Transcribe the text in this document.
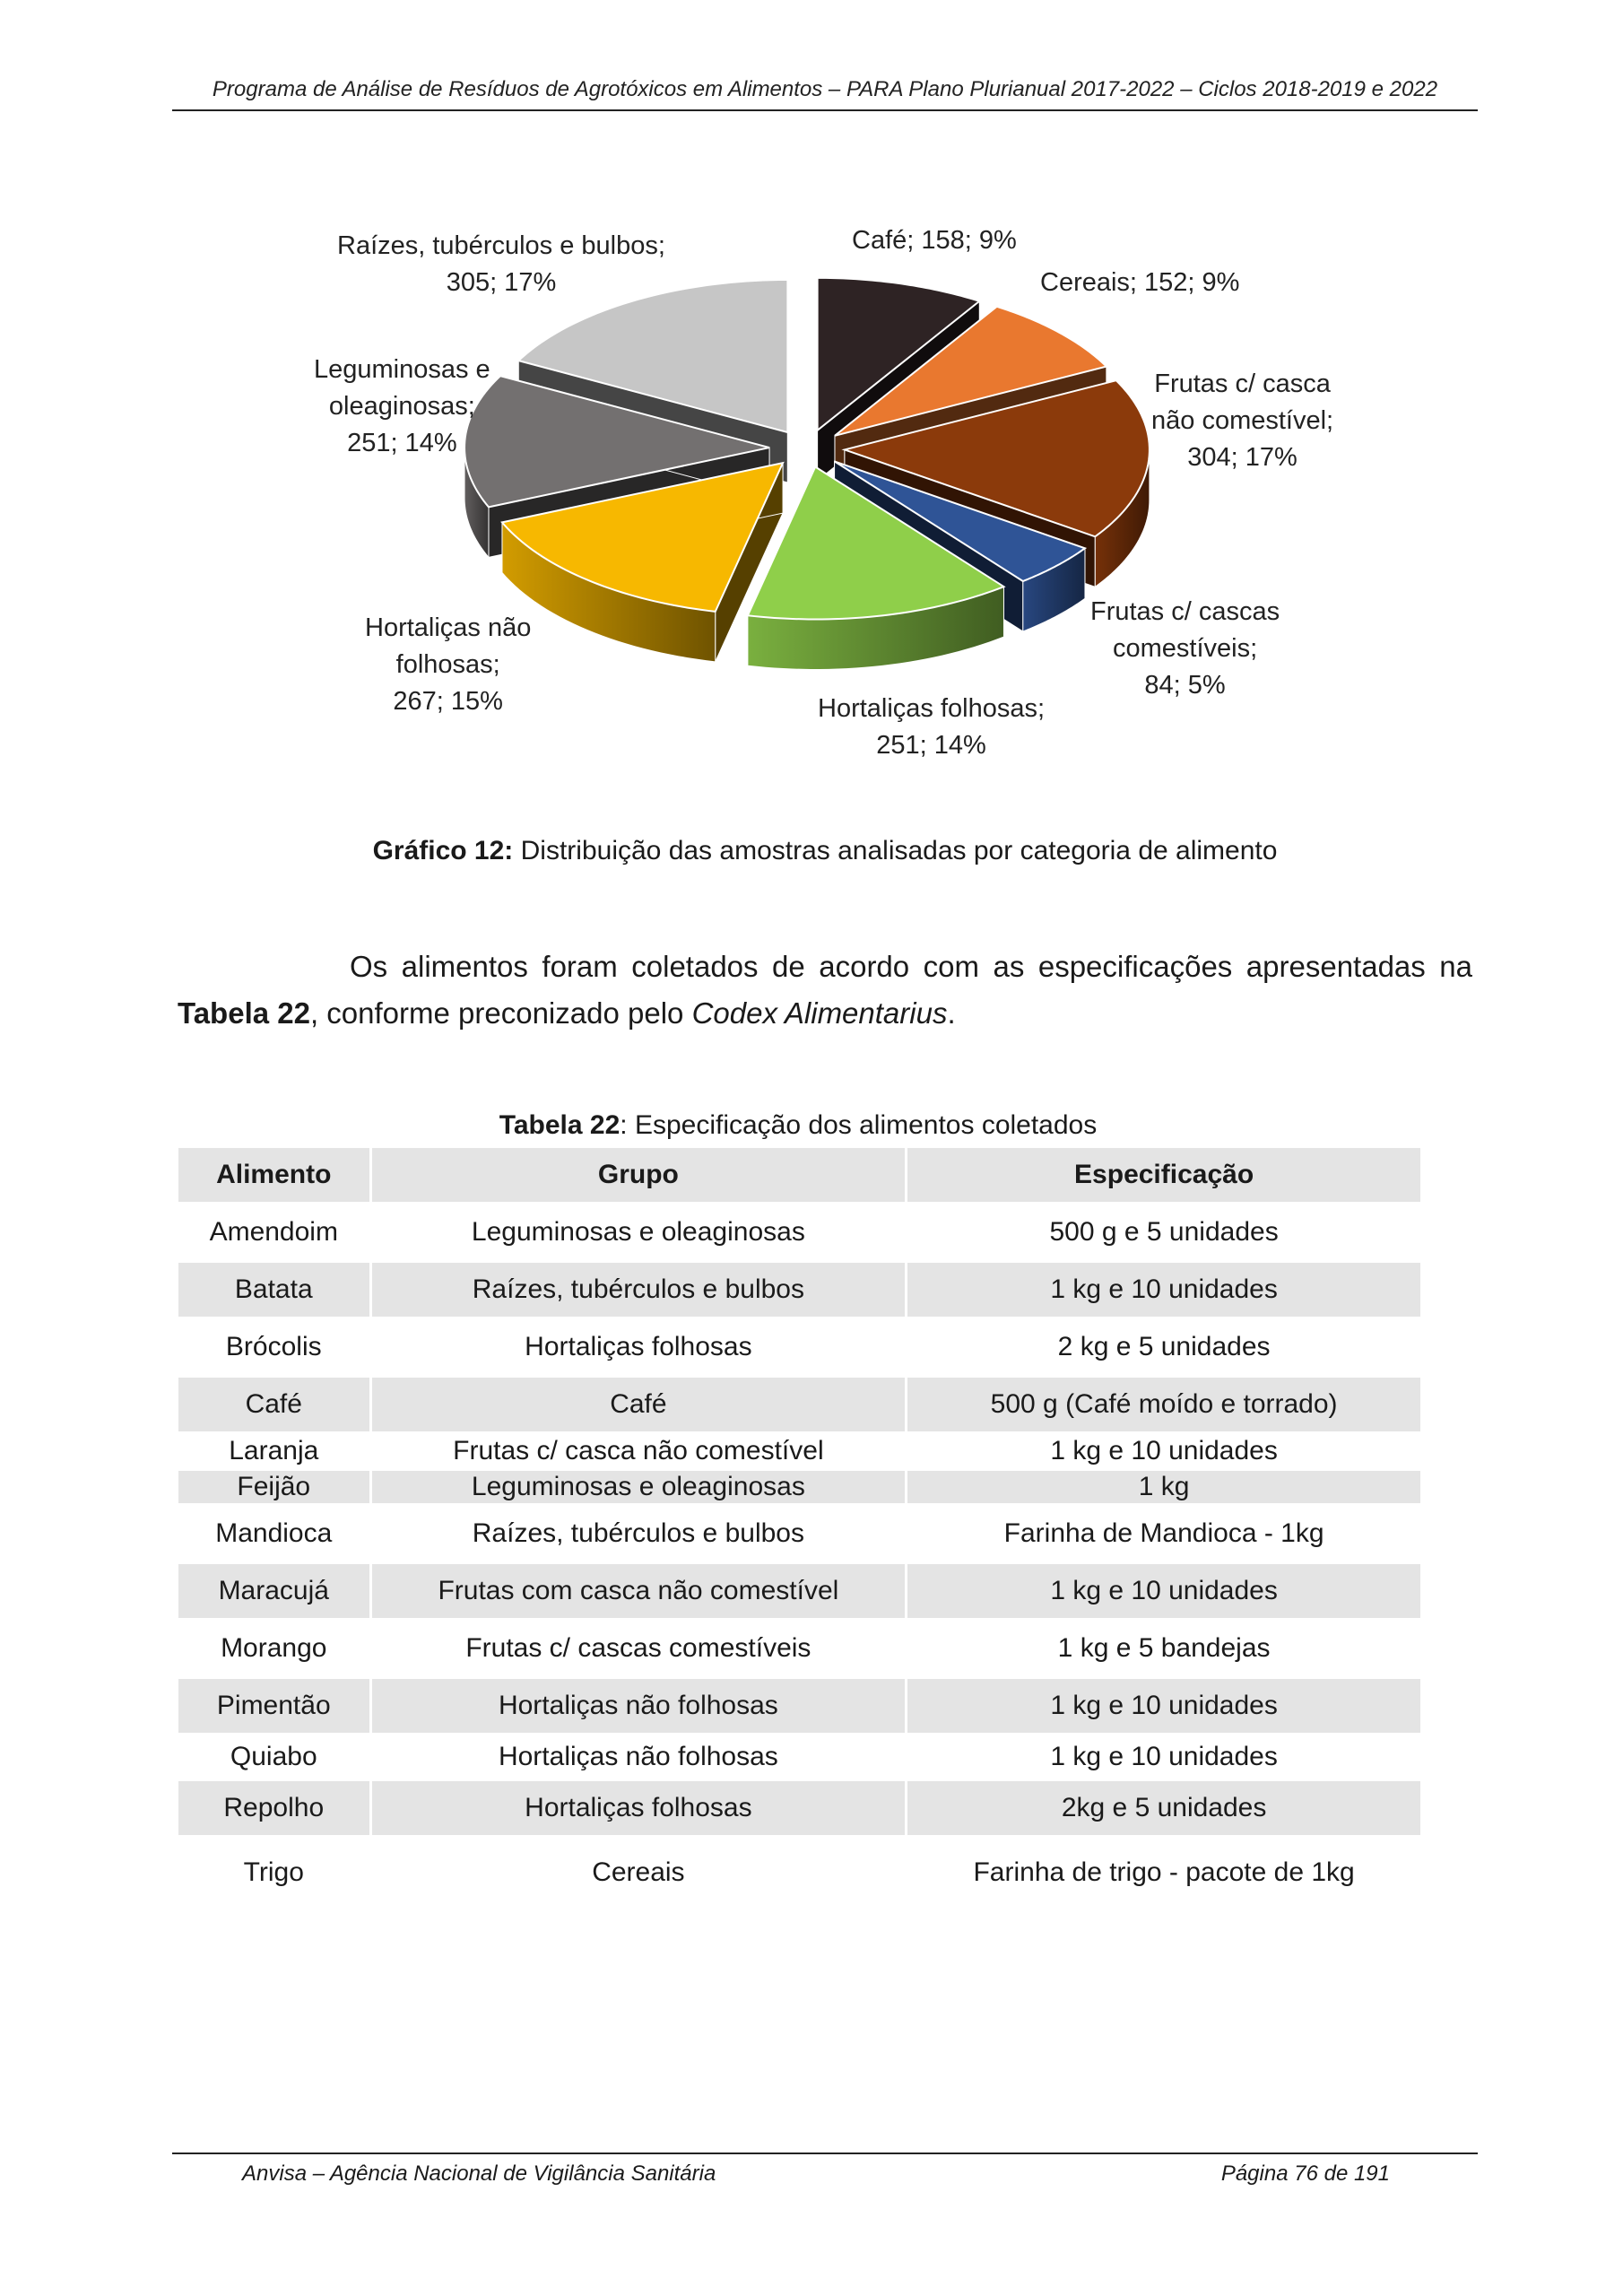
Programa de Análise de Resíduos de Agrotóxicos em Alimentos – PARA Plano Plurianual 2017-2022 – Ciclos 2018-2019 e 2022
Raízes, tubérculos e bulbos;
305; 17%
Café; 158; 9%
Cereais; 152; 9%
Frutas c/ casca
não comestível;
304; 17%
Frutas c/ cascas
comestíveis;
84; 5%
Hortaliças folhosas;
251; 14%
Hortaliças não
folhosas;
267; 15%
Leguminosas e
oleaginosas;
251; 14%
Gráfico 12: Distribuição das amostras analisadas por categoria de alimento
Os alimentos foram coletados de acordo com as especificações apresentadas na
Tabela 22, conforme preconizado pelo Codex Alimentarius.
Tabela 22: Especificação dos alimentos coletados
Alimento	Grupo	Especificação
Amendoim	Leguminosas e oleaginosas	500 g e 5 unidades
Batata	Raízes, tubérculos e bulbos	1 kg e 10 unidades
Brócolis	Hortaliças folhosas	2 kg e 5 unidades
Café	Café	500 g (Café moído e torrado)
Laranja	Frutas c/ casca não comestível	1 kg e 10 unidades
Feijão	Leguminosas e oleaginosas	1 kg
Mandioca	Raízes, tubérculos e bulbos	Farinha de Mandioca - 1kg
Maracujá	Frutas com casca não comestível	1 kg e 10 unidades
Morango	Frutas c/ cascas comestíveis	1 kg e 5 bandejas
Pimentão	Hortaliças não folhosas	1 kg e 10 unidades
Quiabo	Hortaliças não folhosas	1 kg e 10 unidades
Repolho	Hortaliças folhosas	2kg e 5 unidades
Trigo	Cereais	Farinha de trigo - pacote de 1kg
Anvisa – Agência Nacional de Vigilância Sanitária	Página 76 de 191
